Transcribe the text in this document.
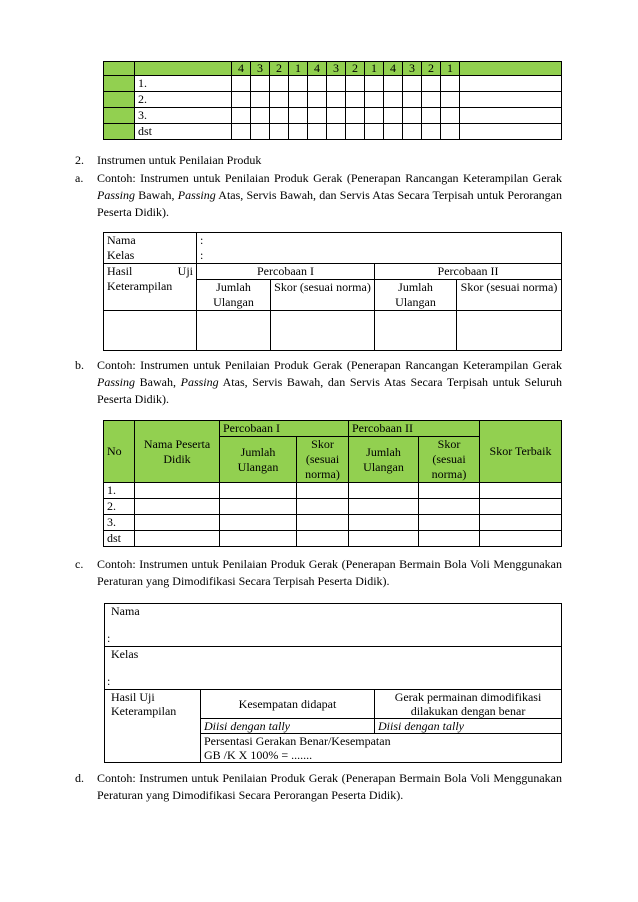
		4	3	2	1	4	3	2	1	4	3	2	1	
	1.													
	2.													
	3.													
	dst													
2. Instrumen untuk Penilaian Produk
a. Contoh: Instrumen untuk Penilaian Produk Gerak (Penerapan Rancangan Keterampilan Gerak
Passing Bawah, Passing Atas, Servis Bawah, dan Servis Atas Secara Terpisah untuk Perorangan
Peserta Didik).
Nama	:			
Kelas	:			

Hasil Uji
Keterampilan	Percobaan I		Percobaan II	
	Jumlah Ulangan	Skor (sesuai norma)	Jumlah Ulangan	Skor (sesuai norma)

b. Contoh: Instrumen untuk Penilaian Produk Gerak (Penerapan Rancangan Keterampilan Gerak
Passing Bawah, Passing Atas, Servis Bawah, dan Servis Atas Secara Terpisah untuk Seluruh
Peserta Didik).
No	Nama Peserta Didik	Percobaan I		Percobaan II		Skor Terbaik
		Jumlah Ulangan	Skor (sesuai norma)	Jumlah Ulangan	Skor (sesuai norma)	
1.						
2.						
3.						
dst						
c. Contoh: Instrumen untuk Penilaian Produk Gerak (Penerapan Bermain Bola Voli Menggunakan
Peraturan yang Dimodifikasi Secara Terpisah Peserta Didik).
Nama
:		

Kelas
:		

Hasil Uji Keterampilan	Kesempatan didapat	Gerak permainan dimodifikasi dilakukan dengan benar
	Diisi dengan tally	Diisi dengan tally

	Persentasi Gerakan Benar/Kesempatan
GB /K X 100% = .......	
d. Contoh: Instrumen untuk Penilaian Produk Gerak (Penerapan Bermain Bola Voli Menggunakan
Peraturan yang Dimodifikasi Secara Perorangan Peserta Didik).
